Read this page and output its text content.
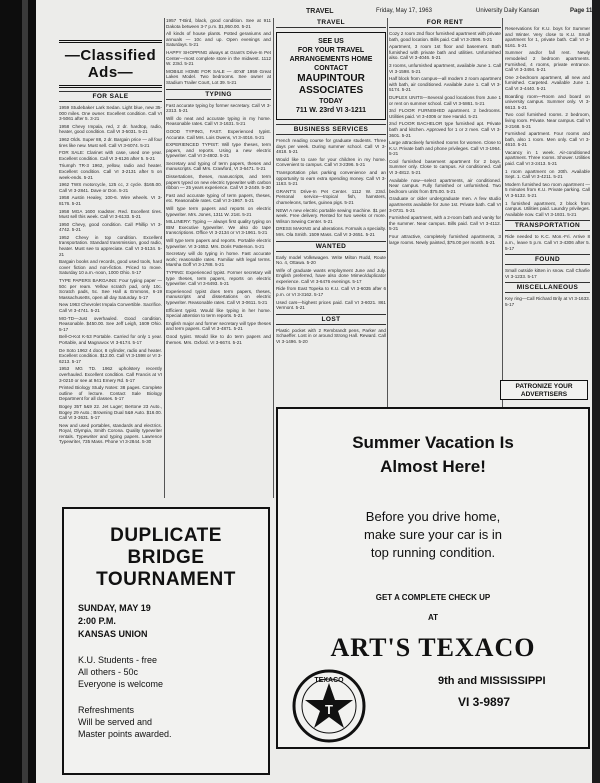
TRAVEL	Friday, May 17, 1963	University Daily Kansan	Page 11
—Classified Ads—
FOR SALE
1959 Studebaker Lark Sedan. Light blue, new 35-000 miles. One owner. Excellent condition. Call VI 3-5061 after 5. 3-21
1958 Chevy Impala, red, 2 dr. hardtop, radio, heater, good condition. Call VI 3-5031. 5-21
1962 Olds. Super 88, 2 dr. Bargain price — all four tires like new. Must sell. Call VI 3-6074. 5-21
FOR SALE: Clarinet with case, used one year. Excellent condition. Call VI 3-6126 after 5. 5-21
Triumph TR-3 1962, yellow, radio and heater. Excellent condition. Call VI 3-2131 after 5 on week-ends. 5-21
1962 TWS motorcycle, 125 cc, 2 cycle. $165.00. Call VI 3-2841. Dave or Don. 5-21
1958 Austin Healey, 100-6. Wire wheels. VI 3-8176. 5-21
1958 MGA 1600 roadster. Red. Excellent tires. Must sell this week. Call VI 3-6133. 5-21
1950 Chevy, good condition. Call Phillip VI 3-4742. 5-21
1952 Chevy in top condition. Excellent transportation. Standard transmission, good radio, heater. Must see to appreciate. Call VI 3-5134. 5-21
Bargain books and records, good used tools, hard cover fiction and non-fiction. Priced to move. Saturday 10 a.m.-noon, 1000 Ohio. 5-17
TYPE PAPERS BARGAINS: Four typing paper — 50c per ream. Yellow scratch pad, only 10c. Scratch pads, 5c. See Hall & Emmons, 6-19 Massachusetts, open all day Saturday. 5-17
New 1963 Chevrolet Impala Convertible. Sacrifice. Call VI 3-4741. 5-21
MG-TD—Just overhauled. Good condition. Reasonable. $450.00. See Jeff Leigh, 1609 Ohio. 5-17
Bell-O-Kot K-53 Portable. Carried for only 1 year. Portable, and Magnavox VI 3-6174. 5-17
De Soto 1962 4 door, 8 cylinder, radio and heater. Excellent condition. $12.00. Call VI 3-1598 or VI 3-6213. 5-17
1953 MG TD. 1962 upholstery recently overhauled. Excellent condition. Call Francis at VI 3-0210 or see at 941 Emery Rd. 5-17
Printed Biology Study Notes: 38 pages. Complete outline of lecture. Contact Sale Biology Department for all classes. 5-17
Bogey 35T 5&9 22. Jet Luger; Bertone 23 Auto., Bogey 29 Auto.; Browning Dual 5&9 Auto. $16.00. Call VI 3-3631. 5-17
New and used portables, standards and electrics. Royal, Olympia, Smith Corona. Quality typewriter rentals. Typewriter and typing papers. Lawrence Typewriter, 735 Mass. Phone VI 3-2844. 5-30
1957 T-Bird, black, good condition. See at 911 Dakota between 3-7 p.m. $1,950.00. 5-21
All kinds of house plants. Potted geraniums and annuals — 10c and up. Open evenings and Saturdays. 5-21
HAPPY SHOPPING always at Grant's Drive-In Pet Center—most complete store in the midwest. 1112 W. 23rd. 5-21
MOBILE HOME FOR SALE — 40'x8' 1959 Great Lakes Model. Two bedrooms. See owner at Stadium Trailer Court, Lot 39. 5-21
TYPING
Fast accurate typing by former secretary. Call VI 3-2313. 5-21
Will do neat and accurate typing in my home. Reasonable rates. Call VI 3-1631. 5-21
GOOD TYPING, FAST. Experienced typist. Accurate. Call Mrs. Lois Owens, VI 3-4016. 5-21
EXPERIENCED TYPIST: Will type theses, term papers, and reports. Using a new electric typewriter. Call VI 3-4802. 5-21
Secretary and typing of term papers, theses and manuscripts. Call Mrs. Crawford, VI 3-6471. 5-21
Dissertations, theses, manuscripts, and term papers typed on new electric typewriter with carbon ribbon — 25 years experience. Call VI 3-2449. 5-30
Fast and accurate typing of term papers, theses, etc. Reasonable rates. Call VI 3-1967. 5-21
Will type term papers and reports on electric typewriter. Mrs. Jones, 1311 W. 21st. 5-21
MILLINERY: Typing — always first quality typing on IBM Executive typewriter. We also do tape transcriptions. Office VI 3-2134 or VI 3-1961. 5-21
Will type term papers and reports. Portable electric typewriter. VI 3-1652. Mrs. Doris Patterson. 5-21
Secretary will do typing in home. Fast accurate work; reasonable rates. Familiar with legal terms. Marsha Goff VI 3-1788. 5-21
TYPING: Experienced typist. Former secretary will type theses, term papers, reports on electric typewriter. Call VI 3-6493. 5-21
Experienced typist does term papers, theses, manuscripts and dissertations on electric typewriter. Reasonable rates. Call VI 3-0611. 5-21
Efficient typist. Would like typing in her home. Special attention to term reports. 5-21
English major and former secretary will type theses and term papers. Call VI 3-4871. 5-21
Good typist. Would like to do term papers and themes. Mrs. Oxford. VI 3-6674. 5-21
TRAVEL
SEE US
FOR YOUR TRAVEL
ARRANGEMENTS HOME
CONTACT
MAUPINTOUR
ASSOCIATES
TODAY
711 W. 23rd VI 3-1211
BUSINESS SERVICES
French reading course for graduate students. Three days per week. During summer school. Call VI 3-4818. 5-21
Would like to care for your children in my home. Convenient to campus. Call VI 3-2396. 5-21
Transportation plus parking convenience and an opportunity to earn extra spending money. Call VI 3-1163. 5-21
GRANT'S Drive-In Pet Center. 1112 W. 23rd. Personal service—tropical fish, hamsters, chameleons, turtles, guinea pigs. 5-21
NEW! A new electric portable sewing machine. $1 per week. Free delivery. Rented for two weeks or more. Wilson Sewing Center. 5-21
DRESS MAKING and alterations. Formals a specialty. Mrs. Ola Smith. 1509 Mass. Call VI 3-2651. 5-21
WANTED
Early model Volkswagen. Write Milton Rudd, Route No. 4, Ottawa. 5-20
Wife of graduate wants employment June and July. English preferred, have also done Mimeo/duplicator experience. Call VI 3-6476 evenings. 5-17
Ride from East Topeka to K.U. Call VI 3-6035 after 6 p.m. or VI 3-3162. 5-17
Used cars—highest prices paid. Call VI 3-6021. 861 Vermont. 5-21
LOST
Plastic pocket with 2 Rembrandt pens, Parker and Schaeffer. Lost in or around Strong Hall. Reward. Call VI 3-1496. 5-20
FOR RENT
Cozy 2 room 2nd floor furnished apartment with private bath, good location. Bills paid. Call VI 3-2596. 5-21
Apartment, 3 room 1st floor and basement. Both furnished with private bath and utilities. Unfurnished also. Call VI 3-4046. 5-21
3 rooms, unfurnished apartment, available June 1. Call VI 3-1598. 5-21
Half block from campus—all modern 2 room apartment with bath, air conditioned. Available June 1. Call VI 3-5174. 5-21
DUPLEX UNITS—Several good locations from June 1 or rent on summer school. Call VI 3-5861. 5-21
3rd FLOOR FURNISHED apartment. 2 bedrooms. Utilities paid. VI 3-4006 or See Harold. 5-21
2nd FLOOR BACHELOR type furnished apt. Private bath and kitchen. Approved for 1 or 2 men. Call VI 3-3601. 5-21
Large attractively furnished rooms for women. Close to K.U. Private bath and phone privileges. Call VI 3-1964. 5-21
Cool furnished basement apartment for 2 boys. Summer only. Close to campus. Air conditioned. Call VI 3-4812. 5-21
Available now—select apartments, air conditioned. Near campus. Fully furnished or unfurnished. Two bedroom units from $75.00. 5-21
Graduate or older undergraduate men. A few studio apartments available for June 1st. Private bath. Call VI 3-0731. 5-21
Furnished apartment, with a 2-room bath and vanity for the summer. Near campus. Bills paid. Call VI 3-4112. 5-21
Four attractive, completely furnished apartments, 3 large rooms. Newly painted, $75.00 per month. 5-21
Reservations for K.U. boys for Summer and Winter. Very close to K.U. Small apartment for 1, private bath. Call VI 3-5161. 5-21
Summer and/or fall rent. Newly remodeled 2 bedroom apartments. Furnished, 4 rooms, private entrance. Call VI 3-3494. 5-21
One 2-bedroom apartment, all new and furnished. Carpeted. Available June 1. Call VI 3-4440. 5-21
Boarding room—Room and board on university campus. Summer only. VI 3-6613. 5-21
Two cool furnished rooms. 2 bedroom, living room. Private. Near campus. Call VI 3-2168. 5-21
Furnished apartment. Four rooms and bath, also 1 room. Men only. Call VI 3-4610. 5-21
Vacancy in 1 week. Air-conditioned apartment. Three rooms. Shower. Utilities paid. Call VI 3-2413. 5-21
1 room apartment on 20th. Available Sept. 1. Call VI 3-4211. 5-21
Modern furnished two room apartment — 5 minutes from K.U. Private parking. Call VI 3-5132. 5-21
1 furnished apartment, 2 block from campus. Utilities paid. Laundry privileges. Available now. Call VI 3-1931. 5-21
TRANSPORTATION
Ride needed to K.C. Mon.-Fri. Arrive 8 a.m., leave 5 p.m. Call VI 3-4306 after 5. 5-17
FOUND
Small outside kitten in snow. Call Charlie VI 3-1233. 5-17
MISCELLANEOUS
Key ring—Call Richard Brily at VI 3-1633. 5-17
PATRONIZE YOUR
ADVERTISERS
DUPLICATE
BRIDGE
TOURNAMENT
SUNDAY, MAY 19
2:00 P.M.
KANSAS UNION
K.U. Students - free
All others - 50c
Everyone is welcome
Refreshments
Will be served and
Master points awarded.
Summer Vacation Is
Almost Here!
Before you drive home,
make sure your car is in
top running condition.
GET A COMPLETE CHECK UP
AT
ART'S TEXACO
9th and MISSISSIPPI
VI 3-9897
T
TEXACO
